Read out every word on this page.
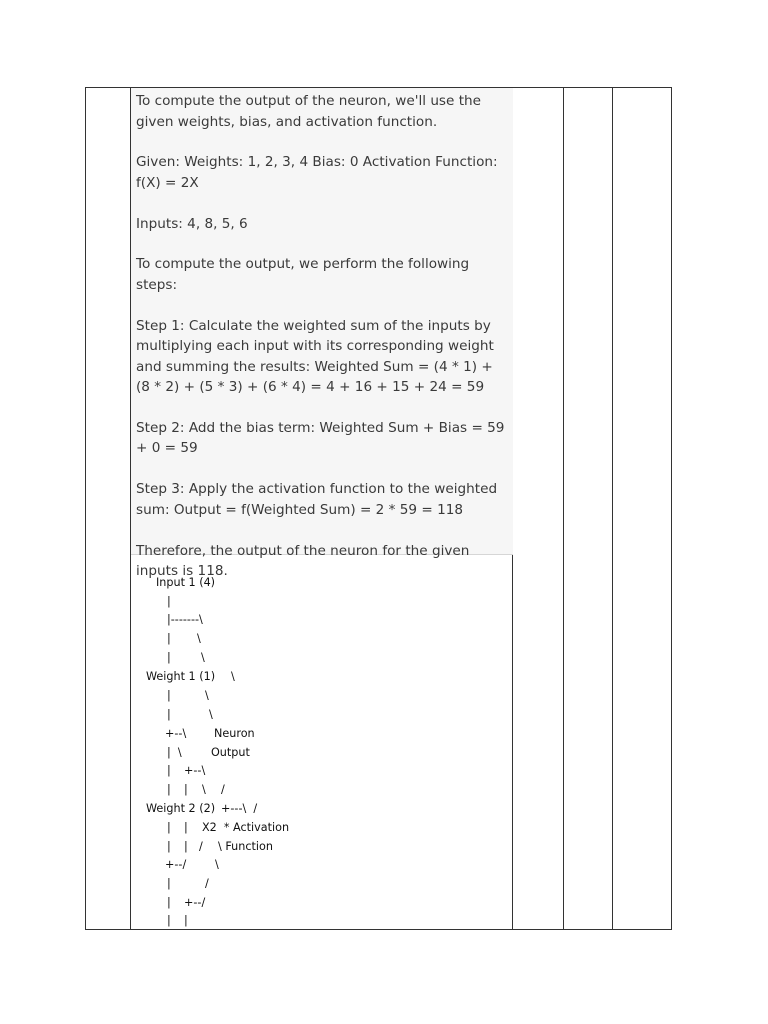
To compute the output of the neuron, we'll use the given weights, bias, and activation function.

Given: Weights: 1, 2, 3, 4 Bias: 0 Activation Function: f(X) = 2X

Inputs: 4, 8, 5, 6

To compute the output, we perform the following steps:

Step 1: Calculate the weighted sum of the inputs by multiplying each input with its corresponding weight and summing the results: Weighted Sum = (4 * 1) + (8 * 2) + (5 * 3) + (6 * 4) = 4 + 16 + 15 + 24 = 59

Step 2: Add the bias term: Weighted Sum + Bias = 59 + 0 = 59

Step 3: Apply the activation function to the weighted sum: Output = f(Weighted Sum) = 2 * 59 = 118

Therefore, the output of the neuron for the given inputs is 118.

Input 1 (4)
|
|-------\
| \
|	\
Weight 1 (1) \
|	\
|	\
+--\ Neuron
|  \	Output
| +--\
| | \ /
Weight 2 (2) +---\  /
| | X2  * Activation
| | / \ Function
+--/	\
|	/
| +--/
| |
